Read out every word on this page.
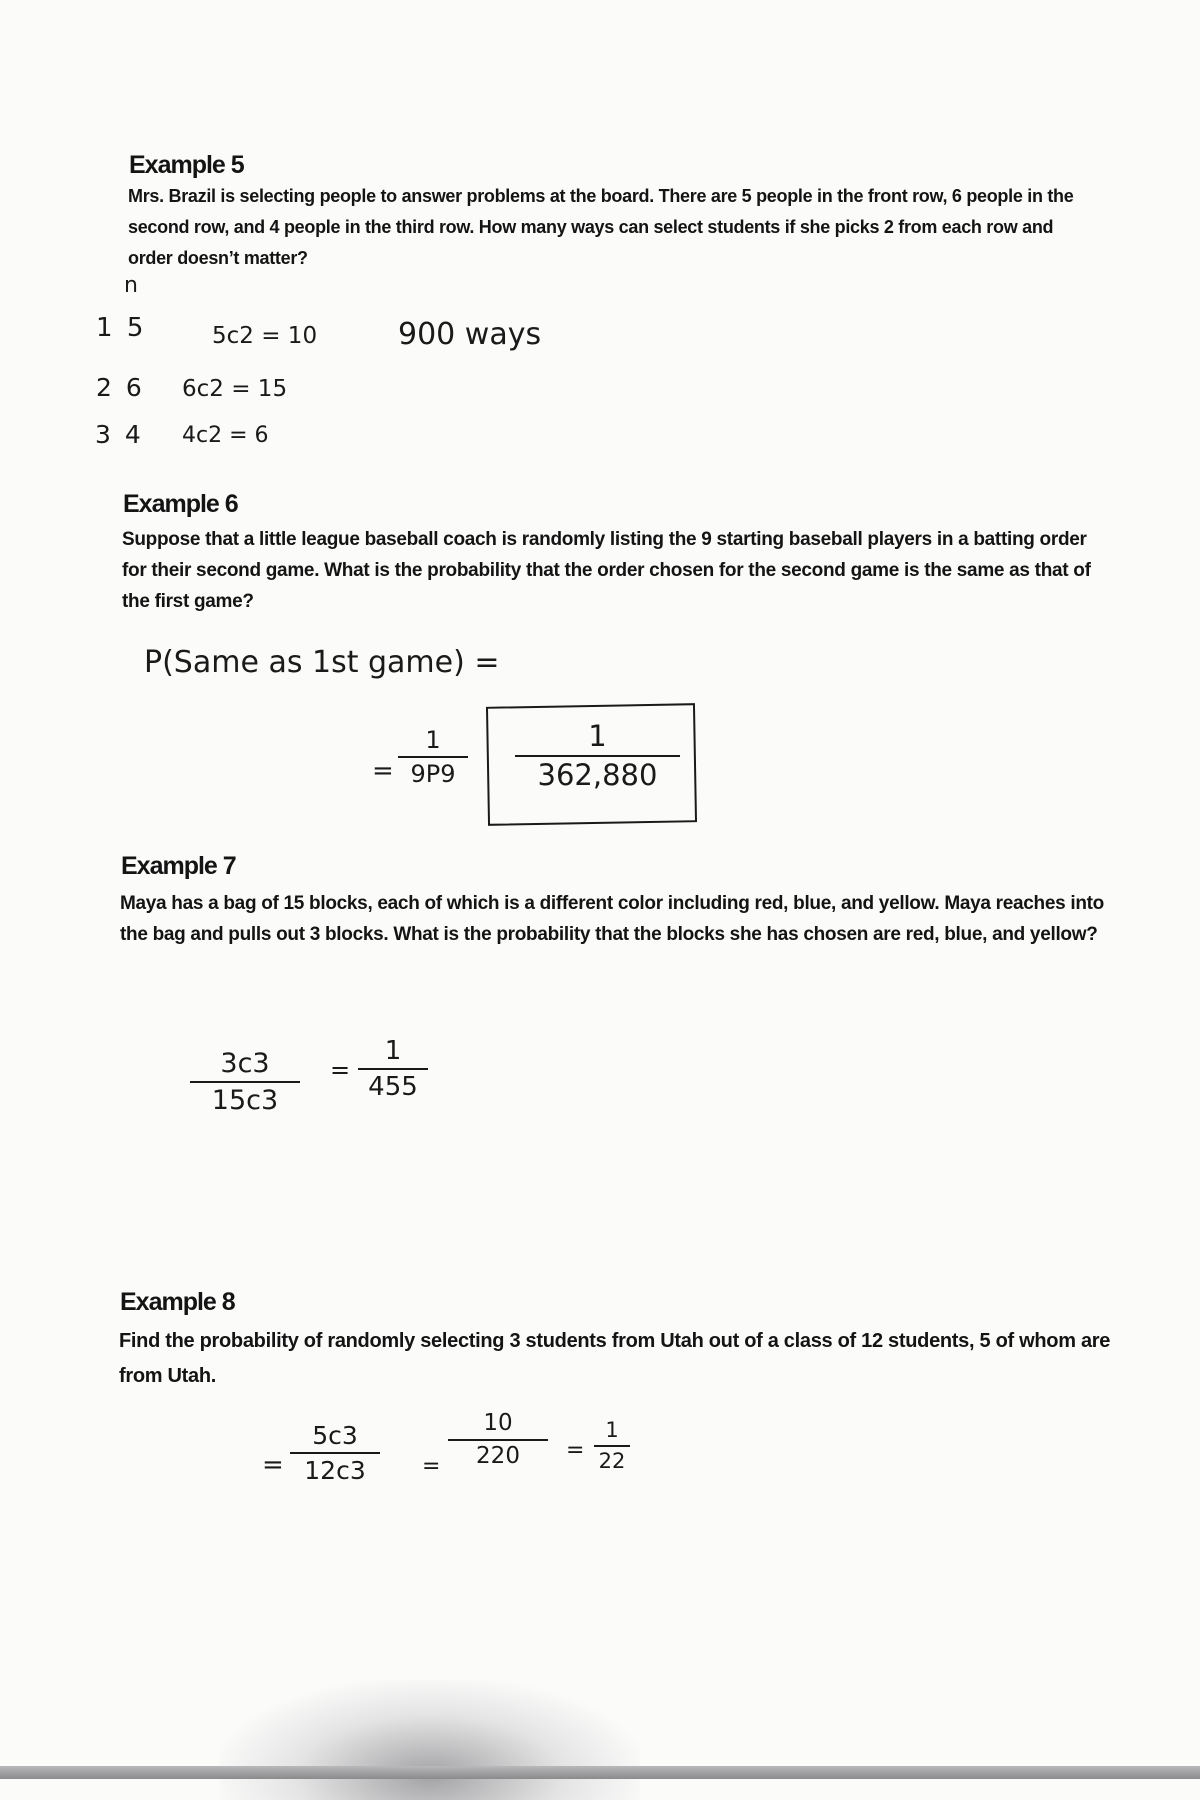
Example 5

Mrs. Brazil is selecting people to answer problems at the board. There are 5 people in the front row, 6 people in the second row, and 4 people in the third row. How many ways can select students if she picks 2 from each row and order doesn’t matter?

n
1 5	5c2 = 10	900 ways
2 6 6c2 = 15
3 4 4c2 = 6
Example 6

Suppose that a little league baseball coach is randomly listing the 9 starting baseball players in a batting order for their second game. What is the probability that the order chosen for the second game is the same as that of the first game?

P(Same as 1st game) =
=
1
9P9
1
362,880
Example 7

Maya has a bag of 15 blocks, each of which is a different color including red, blue, and yellow. Maya reaches into the bag and pulls out 3 blocks. What is the probability that the blocks she has chosen are red, blue, and yellow?

3c3
15c3
=
1
455
Example 8

Find the probability of randomly selecting 3 students from Utah out of a class of 12 students, 5 of whom are from Utah.

=
5c3
12c3	=
10
220 =
1
22
